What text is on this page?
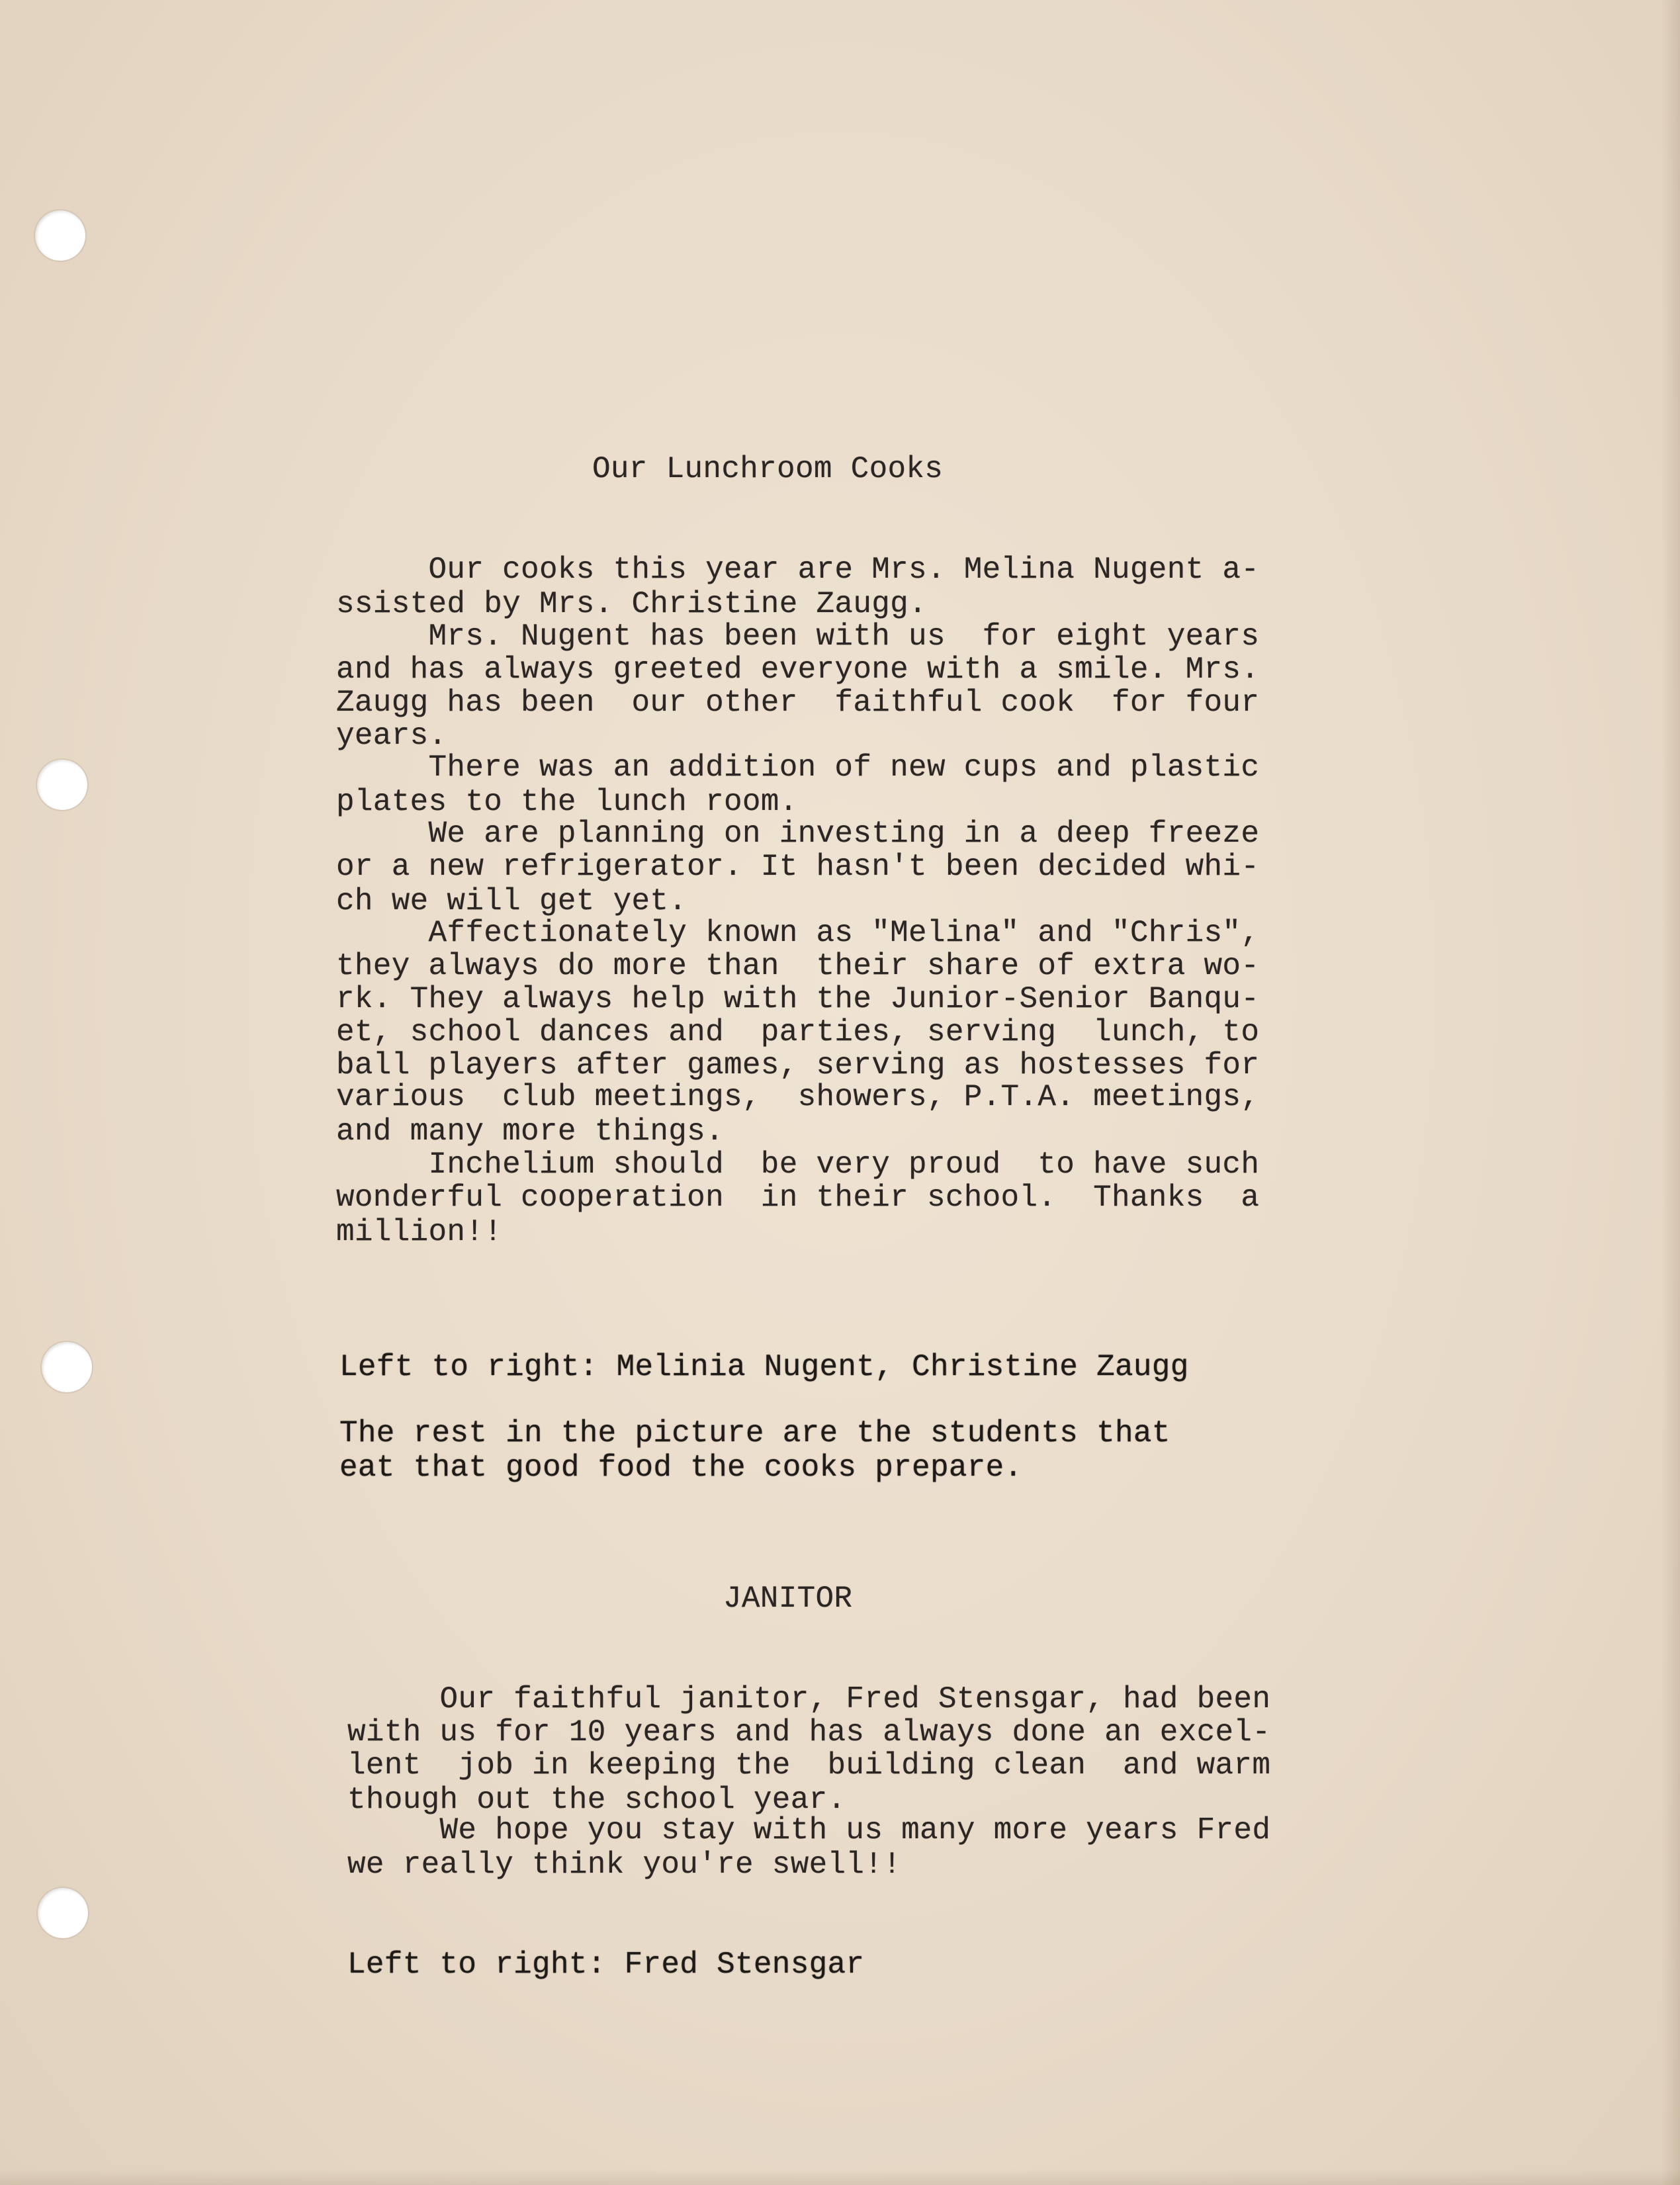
Our Lunchroom Cooks

Our cooks this year are Mrs. Melina Nugent a-

ssisted by Mrs. Christine Zaugg.

Mrs. Nugent has been with us  for eight years

and has always greeted everyone with a smile. Mrs.

Zaugg has been  our other  faithful cook  for four

years.

There was an addition of new cups and plastic

plates to the lunch room.

We are planning on investing in a deep freeze

or a new refrigerator. It hasn't been decided whi-

ch we will get yet.

Affectionately known as "Melina" and "Chris",

they always do more than  their share of extra wo-

rk. They always help with the Junior-Senior Banqu-

et, school dances and  parties, serving  lunch, to

ball players after games, serving as hostesses for

various  club meetings,  showers, P.T.A. meetings,

and many more things.

Inchelium should  be very proud  to have such

wonderful cooperation  in their school.  Thanks  a

million!!

Left to right: Melinia Nugent, Christine Zaugg

The rest in the picture are the students that

eat that good food the cooks prepare.

JANITOR

Our faithful janitor, Fred Stensgar, had been

with us for 10 years and has always done an excel-

lent  job in keeping the  building clean  and warm

though out the school year.

We hope you stay with us many more years Fred

we really think you're swell!!

Left to right: Fred Stensgar
